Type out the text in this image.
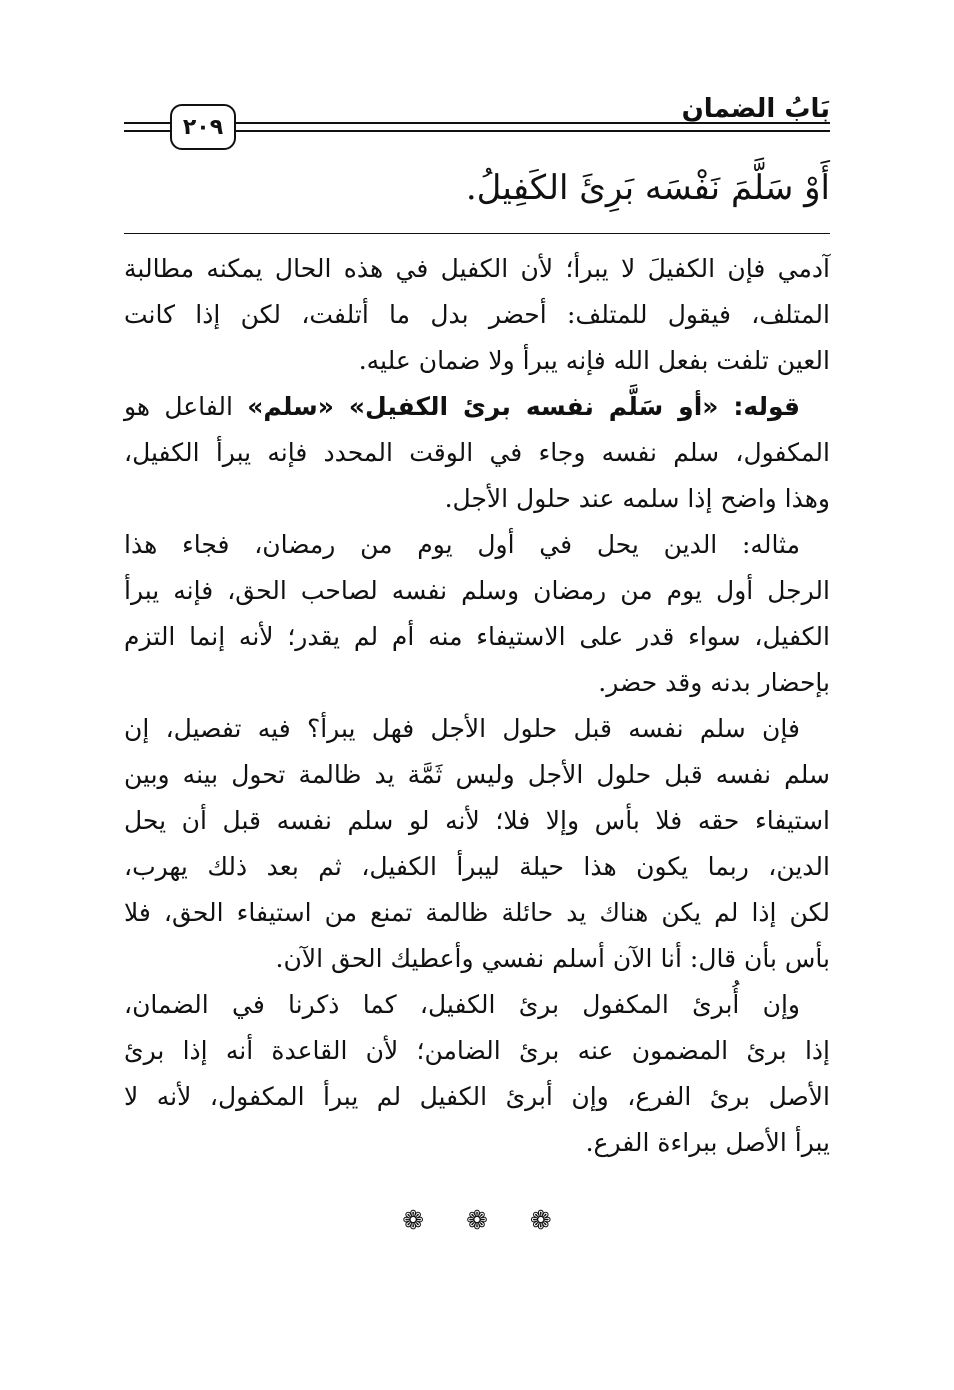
بَابُ الضمان
٢٠٩
أَوْ سَلَّمَ نَفْسَه بَرِئَ الكَفِيلُ.
آدمي فإن الكفيلَ لا يبرأ؛ لأن الكفيل في هذه الحال يمكنه مطالبة
المتلف، فيقول للمتلف: أحضر بدل ما أتلفت، لكن إذا كانت
العين تلفت بفعل الله فإنه يبرأ ولا ضمان عليه.
قوله: «أو سَلَّم نفسه برئ الكفيل» «سلم» الفاعل هو
المكفول، سلم نفسه وجاء في الوقت المحدد فإنه يبرأ الكفيل،
وهذا واضح إذا سلمه عند حلول الأجل.
مثاله: الدين يحل في أول يوم من رمضان، فجاء هذا
الرجل أول يوم من رمضان وسلم نفسه لصاحب الحق، فإنه يبرأ
الكفيل، سواء قدر على الاستيفاء منه أم لم يقدر؛ لأنه إنما التزم
بإحضار بدنه وقد حضر.
فإن سلم نفسه قبل حلول الأجل فهل يبرأ؟ فيه تفصيل، إن
سلم نفسه قبل حلول الأجل وليس ثَمَّة يد ظالمة تحول بينه وبين
استيفاء حقه فلا بأس وإلا فلا؛ لأنه لو سلم نفسه قبل أن يحل
الدين، ربما يكون هذا حيلة ليبرأ الكفيل، ثم بعد ذلك يهرب،
لكن إذا لم يكن هناك يد حائلة ظالمة تمنع من استيفاء الحق، فلا
بأس بأن قال: أنا الآن أسلم نفسي وأعطيك الحق الآن.
وإن أُبرئ المكفول برئ الكفيل، كما ذكرنا في الضمان،
إذا برئ المضمون عنه برئ الضامن؛ لأن القاعدة أنه إذا برئ
الأصل برئ الفرع، وإن أبرئ الكفيل لم يبرأ المكفول، لأنه لا
يبرأ الأصل ببراءة الفرع.
❁ ❁ ❁
